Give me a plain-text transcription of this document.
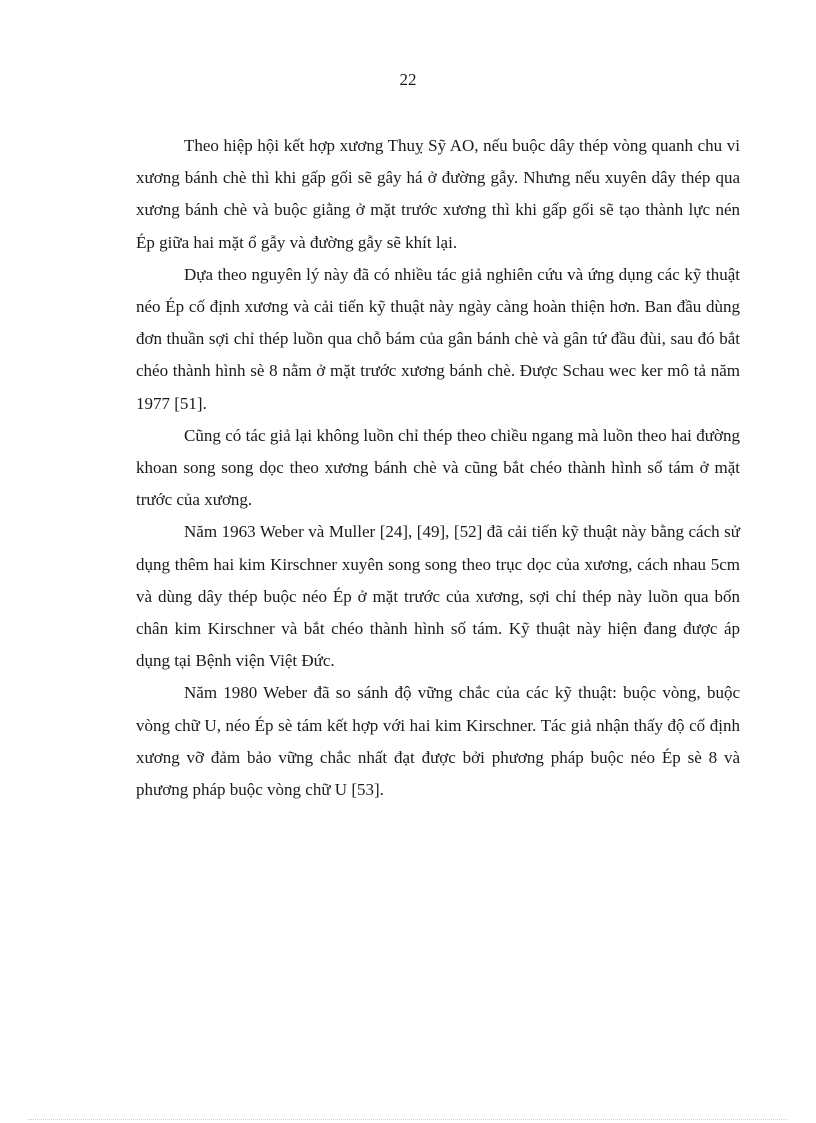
22

Theo hiệp hội kết hợp xương Thuỵ Sỹ AO, nếu buộc dây thép vòng quanh chu vi xương bánh chè thì khi gấp gối sẽ gây há ở đường gẫy. Nhưng nếu xuyên dây thép qua xương bánh chè và buộc giằng ở mặt trước xương thì khi gấp gối sẽ tạo thành lực nén Ép giữa hai mặt ổ gẫy và đường gẫy sẽ khít lại.

Dựa theo nguyên lý này đã có nhiều tác giả nghiên cứu và ứng dụng các kỹ thuật néo Ép cố định xương và cải tiến kỹ thuật này ngày càng hoàn thiện hơn. Ban đầu dùng đơn thuần sợi chỉ thép luồn qua chỗ bám của gân bánh chè và gân tứ đầu đùi, sau đó bắt chéo thành hình sè 8 nằm ở mặt trước xương bánh chè. Được Schau wec ker mô tả năm 1977 [51].

Cũng có tác giả lại không luồn chỉ thép theo chiều ngang mà luồn theo hai đường khoan song song dọc theo xương bánh chè và cũng bắt chéo thành hình số tám ở mặt trước của xương.

Năm 1963 Weber và Muller [24], [49], [52] đã cải tiến kỹ thuật này bằng cách sử dụng thêm hai kim Kirschner xuyên song song theo trục dọc của xương, cách nhau 5cm và dùng dây thép buộc néo Ép ở mặt trước của xương, sợi chỉ thép này luồn qua bốn chân kim Kirschner và bắt chéo thành hình số tám. Kỹ thuật này hiện đang được áp dụng tại Bệnh viện Việt Đức.

Năm 1980 Weber đã so sánh độ vững chắc của các kỹ thuật: buộc vòng, buộc vòng chữ U, néo Ép sè tám kết hợp với hai kim Kirschner. Tác giả nhận thấy độ cố định xương vỡ đảm bảo vững chắc nhất đạt được bởi phương pháp buộc néo Ép sè 8 và phương pháp buộc vòng chữ U [53].
